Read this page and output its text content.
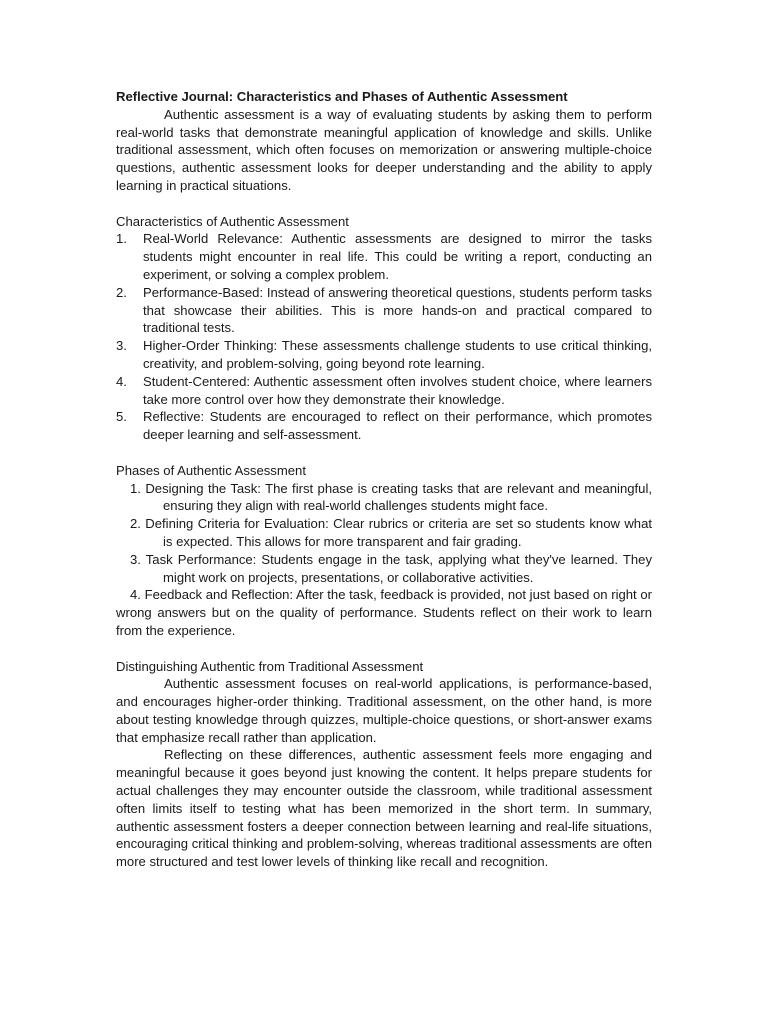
Reflective Journal: Characteristics and Phases of Authentic Assessment

Authentic assessment is a way of evaluating students by asking them to perform real-world tasks that demonstrate meaningful application of knowledge and skills. Unlike traditional assessment, which often focuses on memorization or answering multiple-choice questions, authentic assessment looks for deeper understanding and the ability to apply learning in practical situations.

Characteristics of Authentic Assessment

1. Real-World Relevance: Authentic assessments are designed to mirror the tasks students might encounter in real life. This could be writing a report, conducting an experiment, or solving a complex problem.
2. Performance-Based: Instead of answering theoretical questions, students perform tasks that showcase their abilities. This is more hands-on and practical compared to traditional tests.
3. Higher-Order Thinking: These assessments challenge students to use critical thinking, creativity, and problem-solving, going beyond rote learning.
4. Student-Centered: Authentic assessment often involves student choice, where learners take more control over how they demonstrate their knowledge.
5. Reflective: Students are encouraged to reflect on their performance, which promotes deeper learning and self-assessment.

Phases of Authentic Assessment

1. Designing the Task: The first phase is creating tasks that are relevant and meaningful, ensuring they align with real-world challenges students might face.
2. Defining Criteria for Evaluation: Clear rubrics or criteria are set so students know what is expected. This allows for more transparent and fair grading.
3. Task Performance: Students engage in the task, applying what they've learned. They might work on projects, presentations, or collaborative activities.
4. Feedback and Reflection: After the task, feedback is provided, not just based on right or wrong answers but on the quality of performance. Students reflect on their work to learn from the experience.

Distinguishing Authentic from Traditional Assessment

Authentic assessment focuses on real-world applications, is performance-based, and encourages higher-order thinking. Traditional assessment, on the other hand, is more about testing knowledge through quizzes, multiple-choice questions, or short-answer exams that emphasize recall rather than application.

Reflecting on these differences, authentic assessment feels more engaging and meaningful because it goes beyond just knowing the content. It helps prepare students for actual challenges they may encounter outside the classroom, while traditional assessment often limits itself to testing what has been memorized in the short term. In summary, authentic assessment fosters a deeper connection between learning and real-life situations, encouraging critical thinking and problem-solving, whereas traditional assessments are often more structured and test lower levels of thinking like recall and recognition.
